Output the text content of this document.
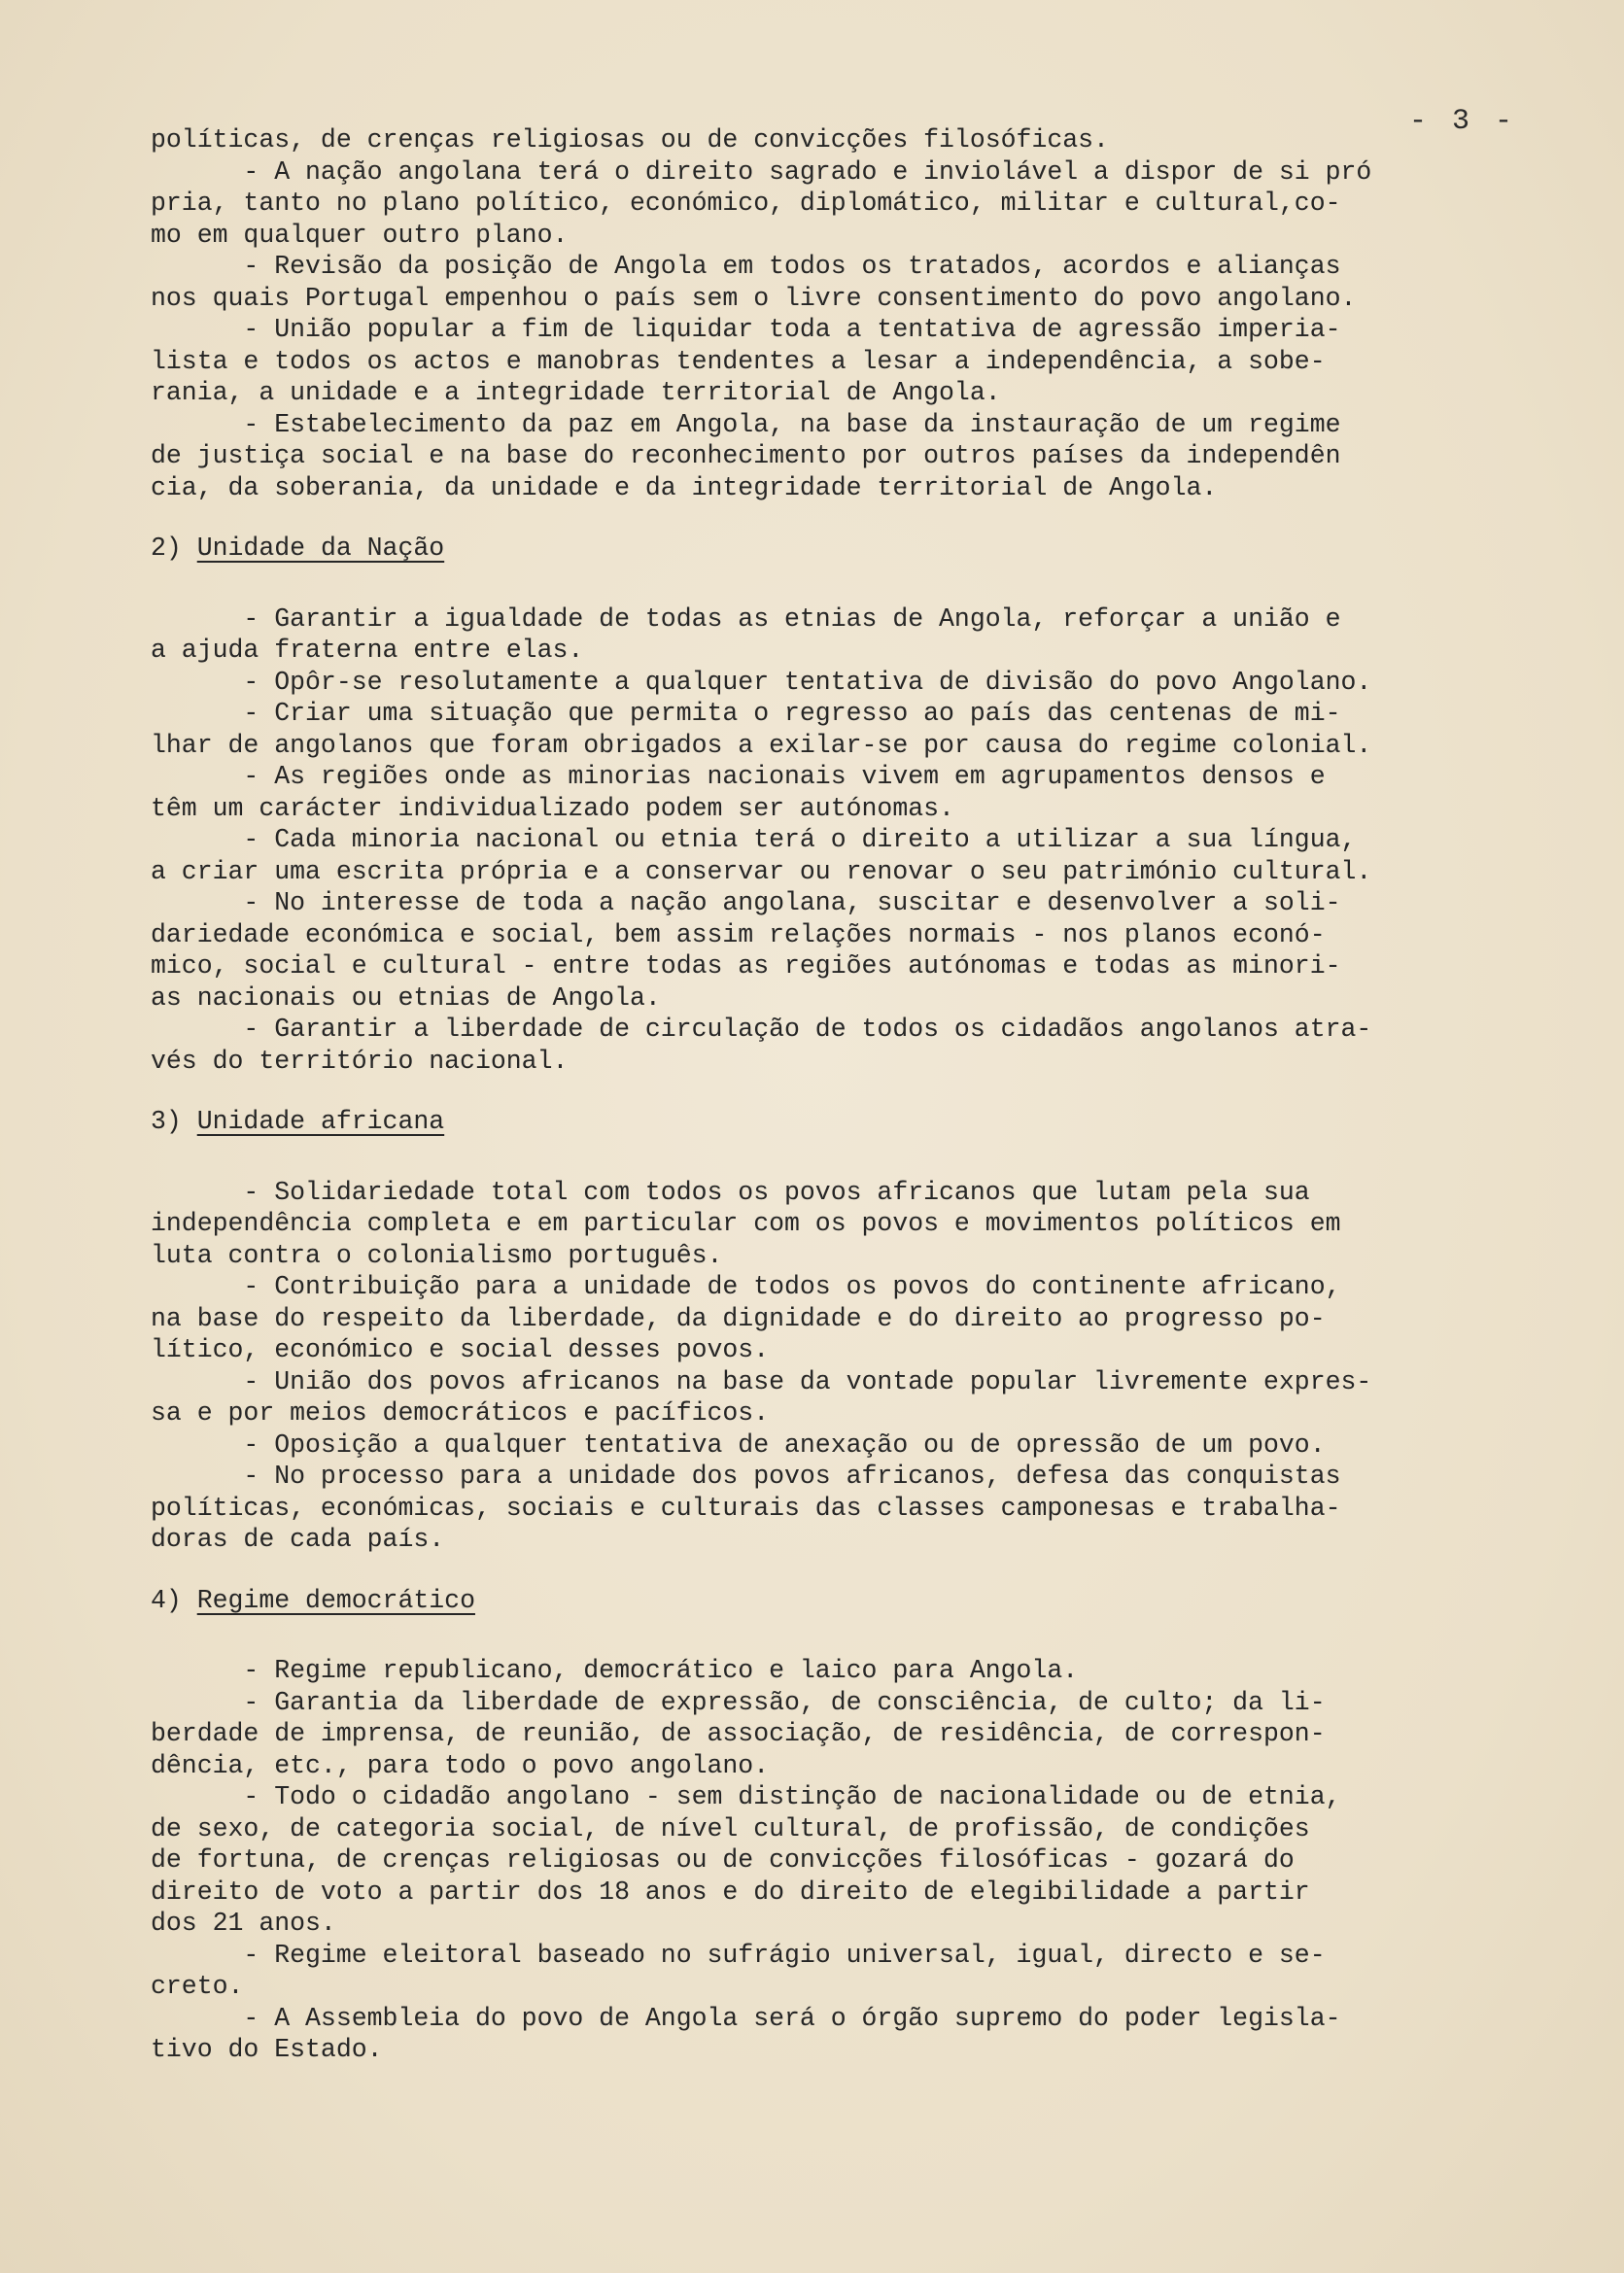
- 3 -
políticas, de crenças religiosas ou de convicções filosóficas.
- A nação angolana terá o direito sagrado e inviolável a dispor de si pró
pria, tanto no plano político, económico, diplomático, militar e cultural,co-
mo em qualquer outro plano.
- Revisão da posição de Angola em todos os tratados, acordos e alianças
nos quais Portugal empenhou o país sem o livre consentimento do povo angolano.
- União popular a fim de liquidar toda a tentativa de agressão imperia-
lista e todos os actos e manobras tendentes a lesar a independência, a sobe-
rania, a unidade e a integridade territorial de Angola.
- Estabelecimento da paz em Angola, na base da instauração de um regime
de justiça social e na base do reconhecimento por outros países da independên
cia, da soberania, da unidade e da integridade territorial de Angola.
2) Unidade da Nação
- Garantir a igualdade de todas as etnias de Angola, reforçar a união e
a ajuda fraterna entre elas.
- Opôr-se resolutamente a qualquer tentativa de divisão do povo Angolano.
- Criar uma situação que permita o regresso ao país das centenas de mi-
lhar de angolanos que foram obrigados a exilar-se por causa do regime colonial.
- As regiões onde as minorias nacionais vivem em agrupamentos densos e
têm um carácter individualizado podem ser autónomas.
- Cada minoria nacional ou etnia terá o direito a utilizar a sua língua,
a criar uma escrita própria e a conservar ou renovar o seu património cultural.
- No interesse de toda a nação angolana, suscitar e desenvolver a soli-
dariedade económica e social, bem assim relações normais - nos planos econó-
mico, social e cultural - entre todas as regiões autónomas e todas as minori-
as nacionais ou etnias de Angola.
- Garantir a liberdade de circulação de todos os cidadãos angolanos atra-
vés do território nacional.
3) Unidade africana
- Solidariedade total com todos os povos africanos que lutam pela sua
independência completa e em particular com os povos e movimentos políticos em
luta contra o colonialismo português.
- Contribuição para a unidade de todos os povos do continente africano,
na base do respeito da liberdade, da dignidade e do direito ao progresso po-
lítico, económico e social desses povos.
- União dos povos africanos na base da vontade popular livremente expres-
sa e por meios democráticos e pacíficos.
- Oposição a qualquer tentativa de anexação ou de opressão de um povo.
- No processo para a unidade dos povos africanos, defesa das conquistas
políticas, económicas, sociais e culturais das classes camponesas e trabalha-
doras de cada país.
4) Regime democrático
- Regime republicano, democrático e laico para Angola.
- Garantia da liberdade de expressão, de consciência, de culto; da li-
berdade de imprensa, de reunião, de associação, de residência, de correspon-
dência, etc., para todo o povo angolano.
- Todo o cidadão angolano - sem distinção de nacionalidade ou de etnia,
de sexo, de categoria social, de nível cultural, de profissão, de condições
de fortuna, de crenças religiosas ou de convicções filosóficas - gozará do
direito de voto a partir dos 18 anos e do direito de elegibilidade a partir
dos 21 anos.
- Regime eleitoral baseado no sufrágio universal, igual, directo e se-
creto.
- A Assembleia do povo de Angola será o órgão supremo do poder legisla-
tivo do Estado.
